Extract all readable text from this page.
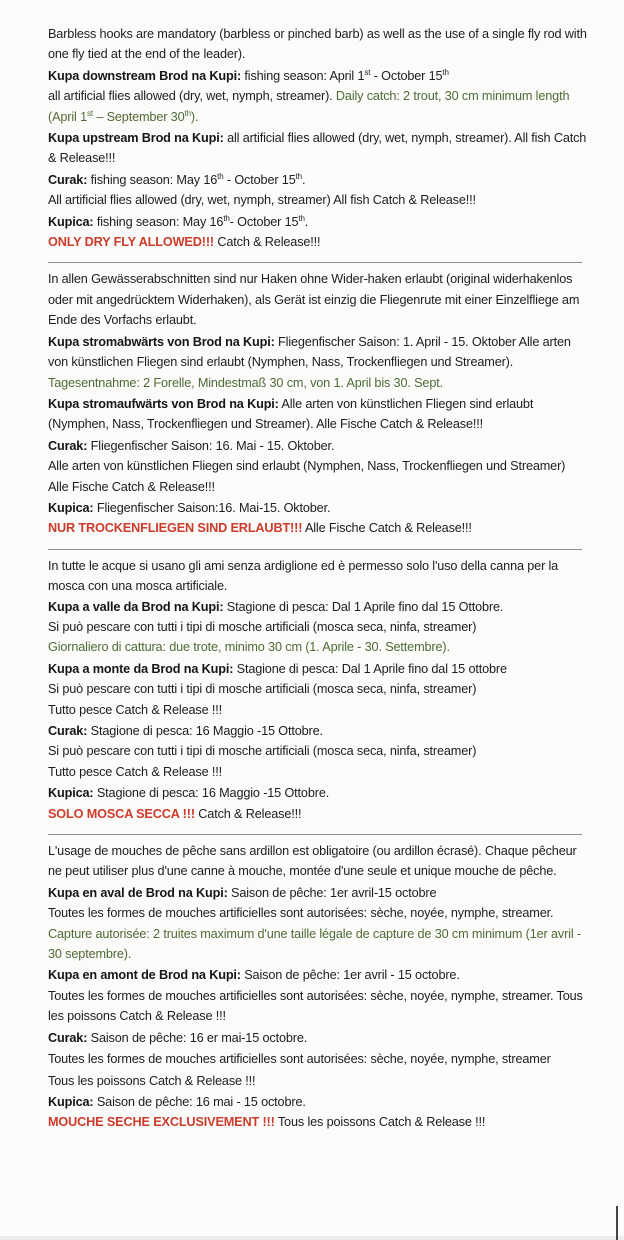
Barbless hooks are mandatory (barbless or pinched barb) as well as the use of a single fly rod with one fly tied at the end of the leader).

Kupa downstream Brod na Kupi: fishing season: April 1st - October 15th
all artificial flies allowed (dry, wet, nymph, streamer). Daily catch: 2 trout, 30 cm minimum length (April 1st – September 30th).

Kupa upstream Brod na Kupi: all artificial flies allowed (dry, wet, nymph, streamer). All fish Catch & Release!!!

Curak: fishing season: May 16th - October 15th.
All artificial flies allowed (dry, wet, nymph, streamer) All fish Catch & Release!!!

Kupica: fishing season: May 16th- October 15th.
ONLY DRY FLY ALLOWED!!! Catch & Release!!!

In allen Gewässerabschnitten sind nur Haken ohne Wider-haken erlaubt (original widerhakenlos oder mit angedrücktem Widerhaken), als Gerät ist einzig die Fliegenrute mit einer Einzelfliege am Ende des Vorfachs erlaubt.

Kupa stromabwärts von Brod na Kupi: Fliegenfischer Saison: 1. April - 15. Oktober Alle arten von künstlichen Fliegen sind erlaubt (Nymphen, Nass, Trockenfliegen und Streamer). Tagesentnahme: 2 Forelle, Mindestmaß 30 cm, von 1. April bis 30. Sept.

Kupa stromaufwärts von Brod na Kupi: Alle arten von künstlichen Fliegen sind erlaubt (Nymphen, Nass, Trockenfliegen und Streamer). Alle Fische Catch & Release!!!

Curak: Fliegenfischer Saison: 16. Mai - 15. Oktober.
Alle arten von künstlichen Fliegen sind erlaubt (Nymphen, Nass, Trockenfliegen und Streamer) Alle Fische Catch & Release!!!

Kupica: Fliegenfischer Saison:16. Mai-15. Oktober.
NUR TROCKENFLIEGEN SIND ERLAUBT!!! Alle Fische Catch & Release!!!

In tutte le acque si usano gli ami senza ardiglione ed è permesso solo l'uso della canna per la mosca con una mosca artificiale.

Kupa a valle da Brod na Kupi: Stagione di pesca: Dal 1 Aprile fino dal 15 Ottobre.
Si può pescare con tutti i tipi di mosche artificiali (mosca seca, ninfa, streamer)
Giornaliero di cattura: due trote, minimo 30 cm (1. Aprile - 30. Settembre).

Kupa a monte da Brod na Kupi: Stagione di pesca: Dal 1 Aprile fino dal 15 ottobre
Si può pescare con tutti i tipi di mosche artificiali (mosca seca, ninfa, streamer)
Tutto pesce Catch & Release !!!

Curak: Stagione di pesca: 16 Maggio -15 Ottobre.
Si può pescare con tutti i tipi di mosche artificiali (mosca seca, ninfa, streamer)
Tutto pesce Catch & Release !!!

Kupica: Stagione di pesca: 16 Maggio -15 Ottobre.
SOLO MOSCA SECCA !!! Catch & Release!!!

L'usage de mouches de pêche sans ardillon est obligatoire (ou ardillon écrasé). Chaque pêcheur ne peut utiliser plus d'une canne à mouche, montée d'une seule et unique mouche de pêche.

Kupa en aval de Brod na Kupi: Saison de pêche: 1er avril-15 octobre
Toutes les formes de mouches artificielles sont autorisées: sèche, noyée, nymphe, streamer. Capture autorisée: 2 truites maximum d'une taille légale de capture de 30 cm minimum (1er avril - 30 septembre).

Kupa en amont de Brod na Kupi: Saison de pêche: 1er avril - 15 octobre.
Toutes les formes de mouches artificielles sont autorisées: sèche, noyée, nymphe, streamer. Tous les poissons Catch & Release !!!

Curak: Saison de pêche: 16 er mai-15 octobre.

Toutes les formes de mouches artificielles sont autorisées: sèche, noyée, nymphe, streamer

Tous les poissons Catch & Release !!!

Kupica: Saison de pêche: 16 mai - 15 octobre.
MOUCHE SECHE EXCLUSIVEMENT !!! Tous les poissons Catch & Release !!!
